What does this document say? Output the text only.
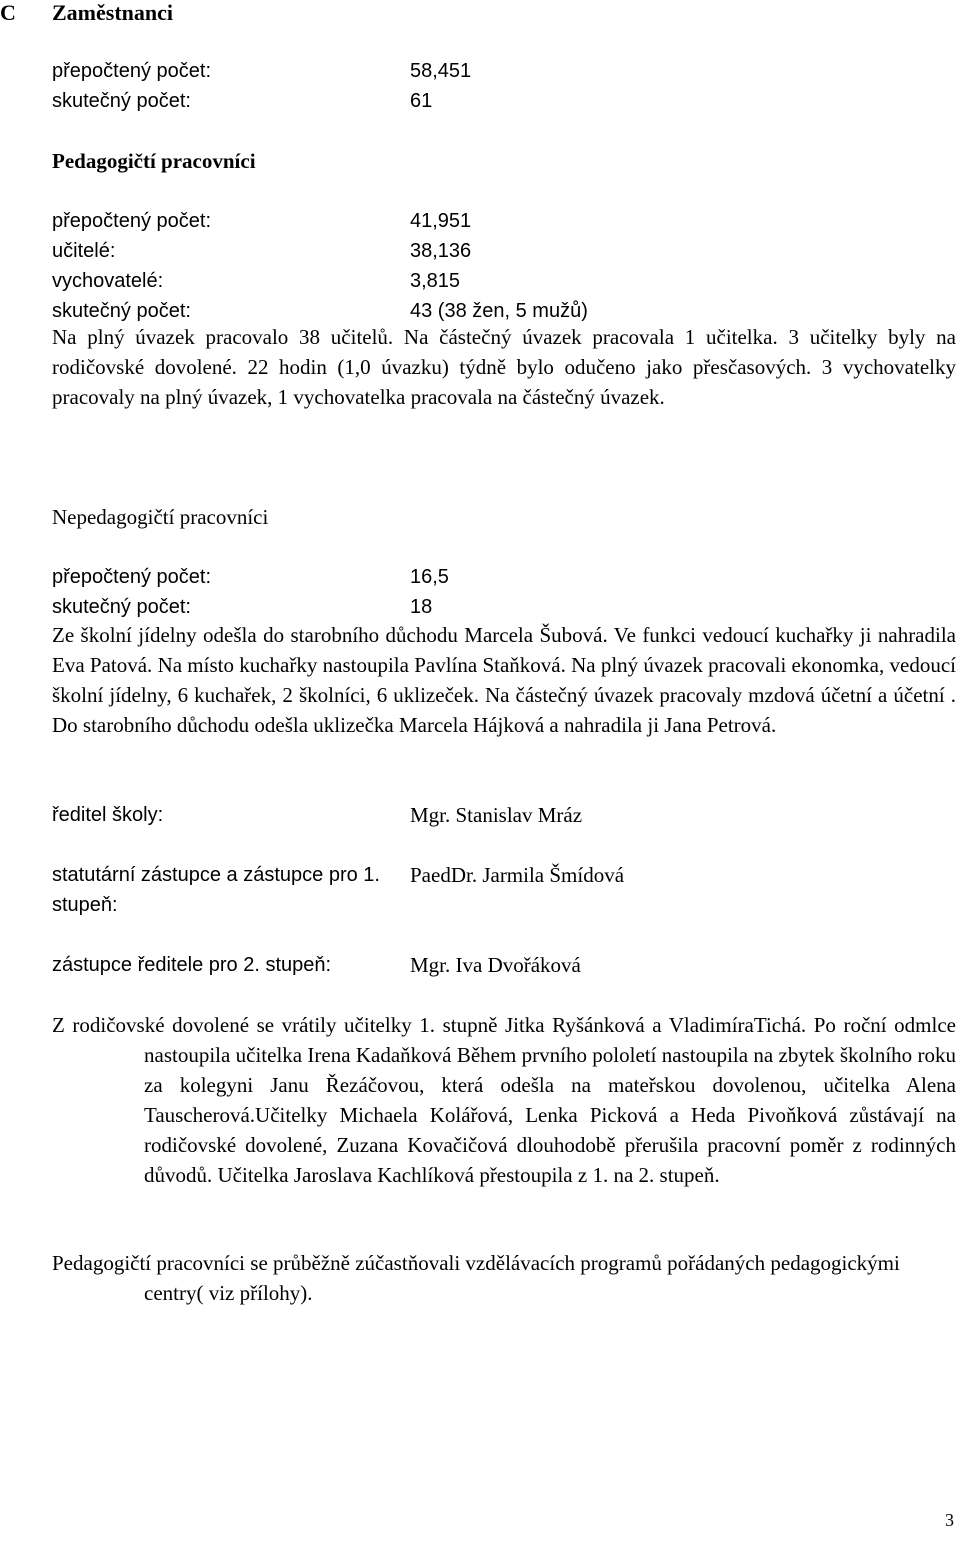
C Zaměstnanci
přepočtený počet:	58,451
skutečný počet:	61
Pedagogičtí pracovníci
přepočtený počet:	41,951
učitelé:	38,136
vychovatelé:	3,815
skutečný počet:	43 (38 žen, 5 mužů)
Na plný úvazek pracovalo 38 učitelů. Na částečný úvazek pracovala 1 učitelka. 3 učitelky byly na rodičovské dovolené. 22 hodin (1,0 úvazku) týdně bylo odučeno jako přesčasových. 3 vychovatelky pracovaly na plný úvazek, 1 vychovatelka pracovala na částečný úvazek.
Nepedagogičtí pracovníci
přepočtený počet:	16,5
skutečný počet:	18
Ze školní jídelny odešla do starobního důchodu Marcela Šubová. Ve funkci vedoucí kuchařky ji nahradila Eva Patová. Na místo kuchařky nastoupila Pavlína Staňková. Na plný úvazek pracovali ekonomka, vedoucí školní jídelny, 6 kuchařek, 2 školníci, 6 uklizeček. Na částečný úvazek pracovaly mzdová účetní a účetní . Do starobního důchodu odešla uklizečka Marcela Hájková a nahradila ji Jana Petrová.
ředitel školy:	Mgr. Stanislav Mráz
statutární zástupce a zástupce pro 1. stupeň:
PaedDr. Jarmila Šmídová
zástupce ředitele pro 2. stupeň:	Mgr. Iva Dvořáková
Z rodičovské dovolené se vrátily učitelky 1. stupně Jitka Ryšánková a VladimíraTichá. Po roční odmlce nastoupila učitelka Irena Kadaňková Během prvního pololetí nastoupila na zbytek školního roku za kolegyni Janu Řezáčovou, která odešla na mateřskou dovolenou, učitelka Alena Tauscherová.Učitelky Michaela Kolářová, Lenka Picková a Heda Pivoňková zůstávají na rodičovské dovolené, Zuzana Kovačičová dlouhodobě přerušila pracovní poměr z rodinných důvodů. Učitelka Jaroslava Kachlíková přestoupila z 1. na 2. stupeň.
Pedagogičtí pracovníci se průběžně zúčastňovali vzdělávacích programů pořádaných pedagogickými centry( viz přílohy).
3
